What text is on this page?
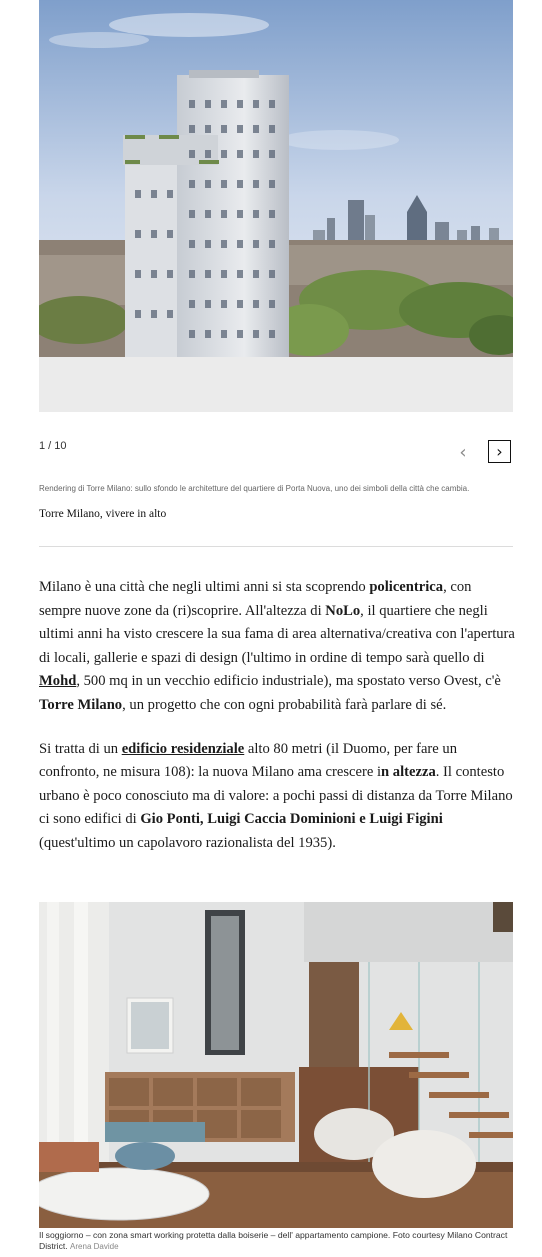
1 / 10	‹ ›
Rendering di Torre Milano: sullo sfondo le architetture del quartiere di Porta Nuova, uno dei simboli della città che cambia.
Torre Milano, vivere in alto

Milano è una città che negli ultimi anni si sta scoprendo policentrica, con sempre nuove zone da (ri)scoprire. All'altezza di NoLo, il quartiere che negli ultimi anni ha visto crescere la sua fama di area alternativa/creativa con l'apertura di locali, gallerie e spazi di design (l'ultimo in ordine di tempo sarà quello di Mohd, 500 mq in un vecchio edificio industriale), ma spostato verso Ovest, c'è Torre Milano, un progetto che con ogni probabilità farà parlare di sé.

Si tratta di un edificio residenziale alto 80 metri (il Duomo, per fare un confronto, ne misura 108): la nuova Milano ama crescere in altezza. Il contesto urbano è poco conosciuto ma di valore: a pochi passi di distanza da Torre Milano ci sono edifici di Gio Ponti, Luigi Caccia Dominioni e Luigi Figini (quest'ultimo un capolavoro razionalista del 1935).

Il soggiorno – con zona smart working protetta dalla boiserie – dell' appartamento campione. Foto courtesy Milano Contract District. Arena Davide
